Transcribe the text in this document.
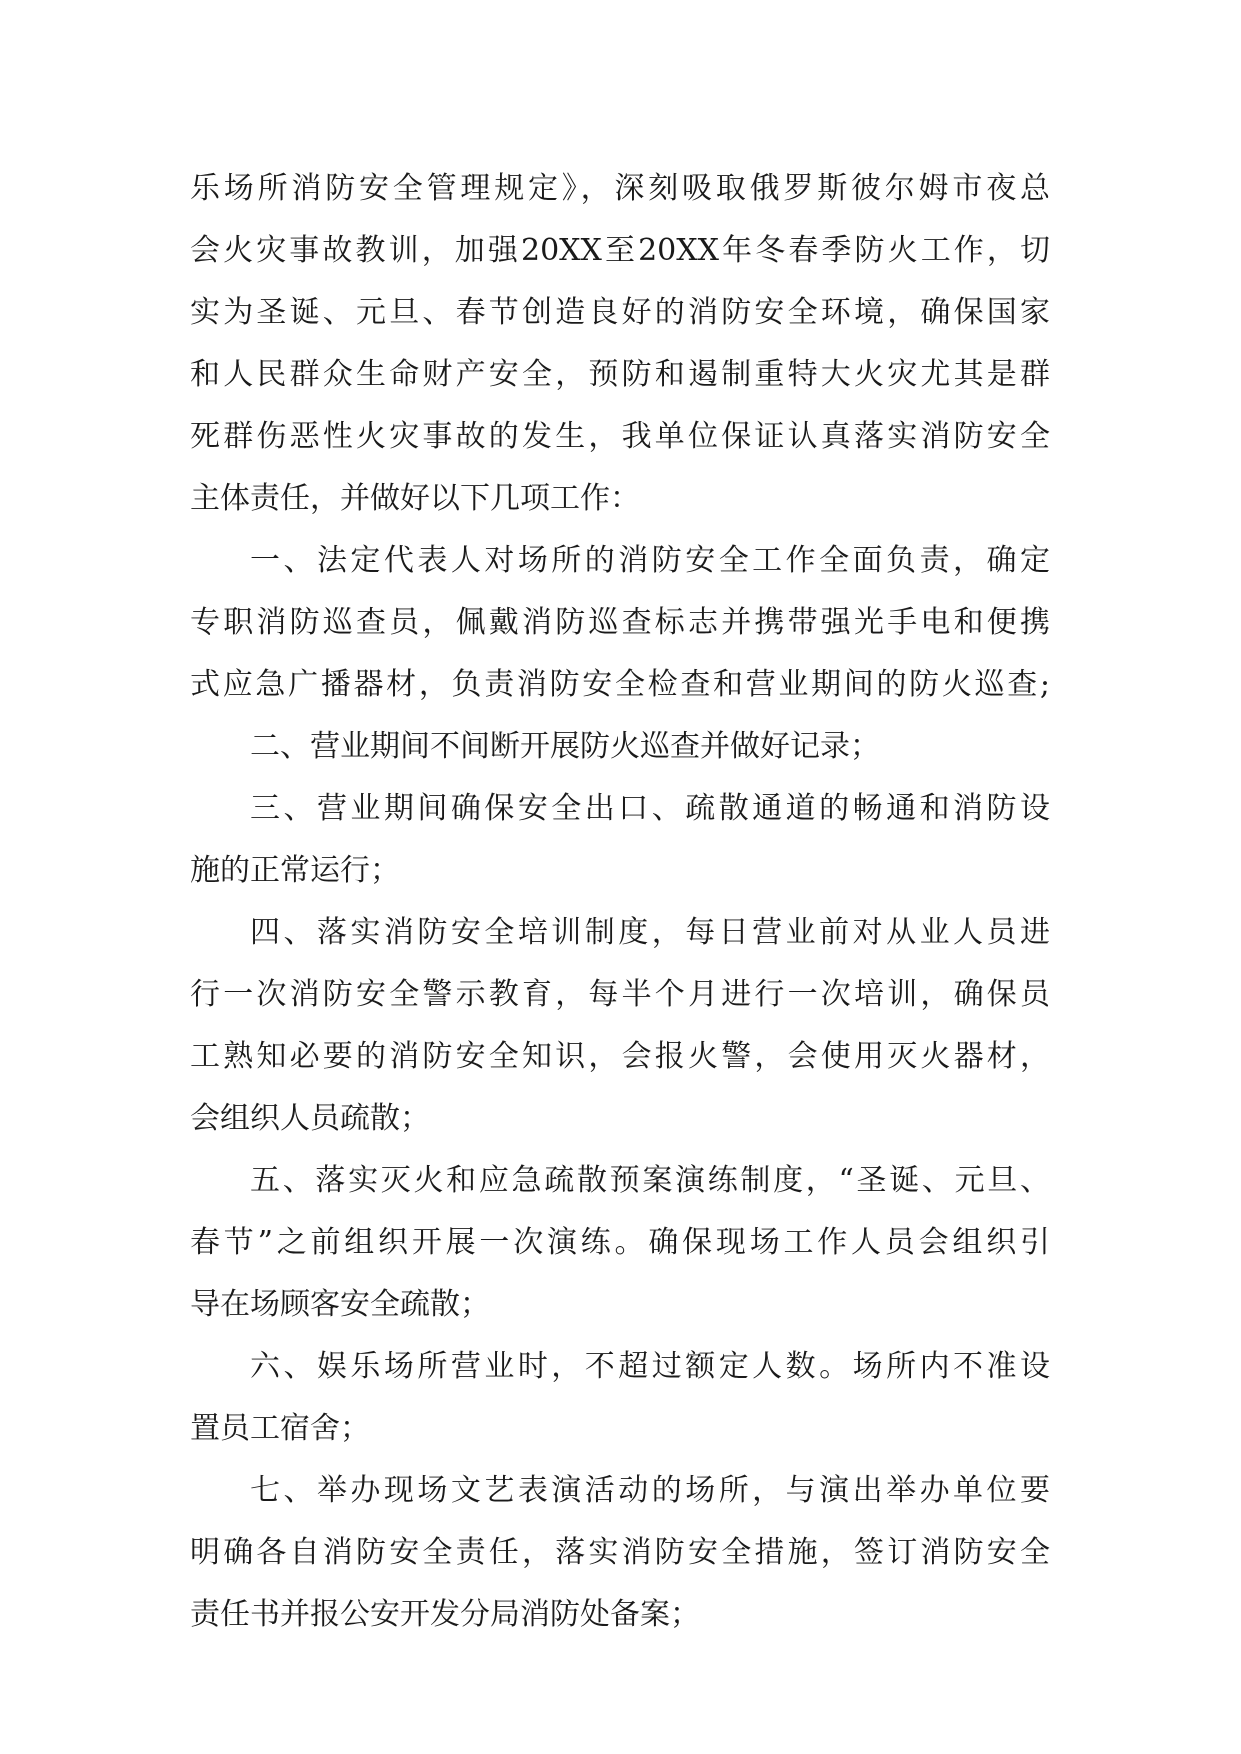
乐场所消防安全管理规定》，深刻吸取俄罗斯彼尔姆市夜总
会火灾事故教训，加强20XX至20XX年冬春季防火工作，切
实为圣诞、元旦、春节创造良好的消防安全环境，确保国家
和人民群众生命财产安全，预防和遏制重特大火灾尤其是群
死群伤恶性火灾事故的发生，我单位保证认真落实消防安全
主体责任，并做好以下几项工作：
一、法定代表人对场所的消防安全工作全面负责，确定
专职消防巡查员，佩戴消防巡查标志并携带强光手电和便携
式应急广播器材，负责消防安全检查和营业期间的防火巡查;
二、营业期间不间断开展防火巡查并做好记录；
三、营业期间确保安全出口、疏散通道的畅通和消防设
施的正常运行；
四、落实消防安全培训制度，每日营业前对从业人员进
行一次消防安全警示教育，每半个月进行一次培训，确保员
工熟知必要的消防安全知识，会报火警，会使用灭火器材，
会组织人员疏散；
五、落实灭火和应急疏散预案演练制度，“圣诞、元旦、
春节”之前组织开展一次演练。确保现场工作人员会组织引
导在场顾客安全疏散；
六、娱乐场所营业时，不超过额定人数。场所内不准设
置员工宿舍；
七、举办现场文艺表演活动的场所，与演出举办单位要
明确各自消防安全责任，落实消防安全措施，签订消防安全
责任书并报公安开发分局消防处备案；
